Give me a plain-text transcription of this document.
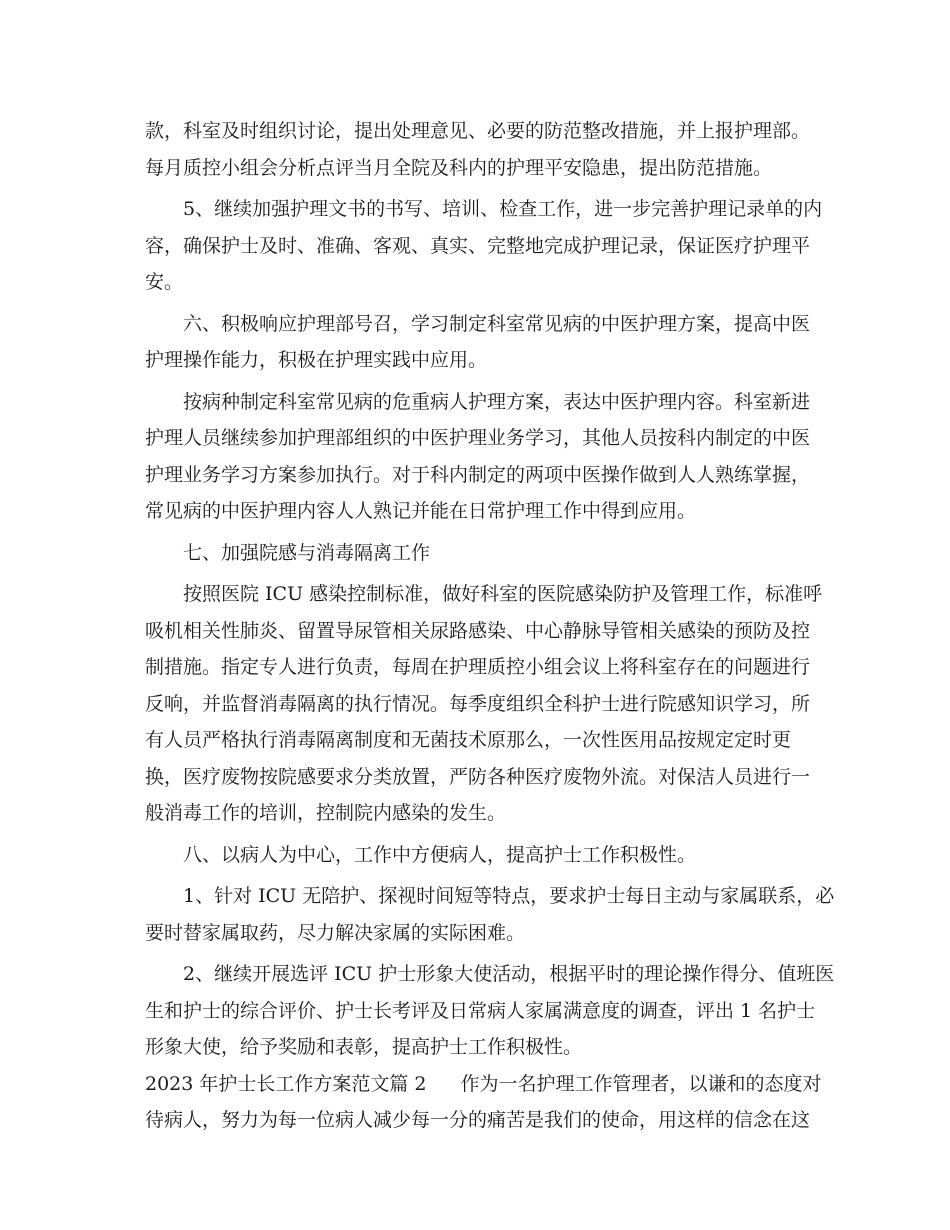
款，科室及时组织讨论，提出处理意见、必要的防范整改措施，并上报护理部。
每月质控小组会分析点评当月全院及科内的护理平安隐患，提出防范措施。
5、继续加强护理文书的书写、培训、检查工作，进一步完善护理记录单的内
容，确保护士及时、准确、客观、真实、完整地完成护理记录，保证医疗护理平
安。
六、积极响应护理部号召，学习制定科室常见病的中医护理方案，提高中医
护理操作能力，积极在护理实践中应用。
按病种制定科室常见病的危重病人护理方案，表达中医护理内容。科室新进
护理人员继续参加护理部组织的中医护理业务学习，其他人员按科内制定的中医
护理业务学习方案参加执行。对于科内制定的两项中医操作做到人人熟练掌握，
常见病的中医护理内容人人熟记并能在日常护理工作中得到应用。
七、加强院感与消毒隔离工作
按照医院 ICU 感染控制标准，做好科室的医院感染防护及管理工作，标准呼
吸机相关性肺炎、留置导尿管相关尿路感染、中心静脉导管相关感染的预防及控
制措施。指定专人进行负责，每周在护理质控小组会议上将科室存在的问题进行
反响，并监督消毒隔离的执行情况。每季度组织全科护士进行院感知识学习，所
有人员严格执行消毒隔离制度和无菌技术原那么，一次性医用品按规定定时更
换，医疗废物按院感要求分类放置，严防各种医疗废物外流。对保洁人员进行一
般消毒工作的培训，控制院内感染的发生。
八、以病人为中心，工作中方便病人，提高护士工作积极性。
1、针对 ICU 无陪护、探视时间短等特点，要求护士每日主动与家属联系，必
要时替家属取药，尽力解决家属的实际困难。
2、继续开展选评 ICU 护士形象大使活动，根据平时的理论操作得分、值班医
生和护士的综合评价、护士长考评及日常病人家属满意度的调查，评出 1 名护士
形象大使，给予奖励和表彰，提高护士工作积极性。
2023 年护士长工作方案范文篇 2 作为一名护理工作管理者，以谦和的态度对
待病人，努力为每一位病人减少每一分的痛苦是我们的使命，用这样的信念在这
